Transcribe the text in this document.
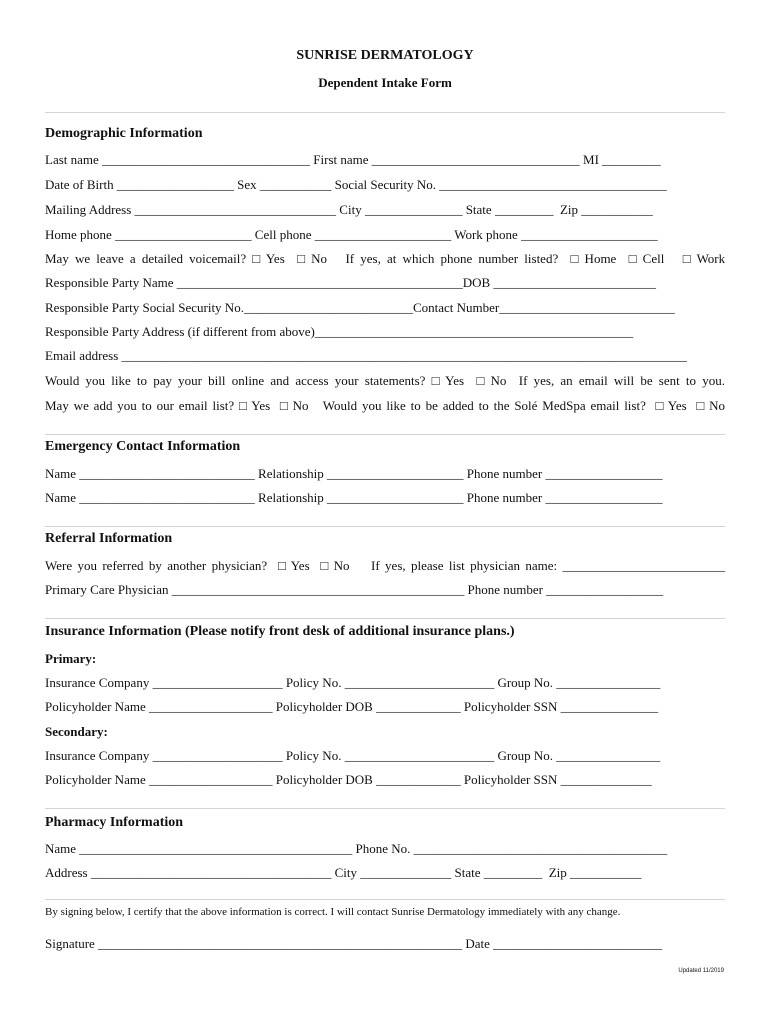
SUNRISE DERMATOLOGY
Dependent Intake Form
Demographic Information
Last name ________________________________ First name ________________________________ MI _________
Date of Birth __________________ Sex ___________ Social Security No. ___________________________________
Mailing Address _______________________________ City _______________ State _________  Zip ___________
Home phone _____________________ Cell phone _____________________ Work phone _____________________
May we leave a detailed voicemail? □ Yes  □ No   If yes, at which phone number listed?  □ Home  □ Cell   □ Work
Responsible Party Name ____________________________________________DOB _________________________
Responsible Party Social Security No.__________________________Contact Number___________________________
Responsible Party Address (if different from above)_________________________________________________
Email address _______________________________________________________________________________________
Would you like to pay your bill online and access your statements? □ Yes  □ No  If yes, an email will be sent to you.
May we add you to our email list? □ Yes  □ No   Would you like to be added to the Solé MedSpa email list?  □ Yes  □ No
Emergency Contact Information
Name ___________________________ Relationship _____________________ Phone number __________________
Name ___________________________ Relationship _____________________ Phone number __________________
Referral Information
Were you referred by another physician?  □ Yes  □ No    If yes, please list physician name: _________________________
Primary Care Physician _____________________________________________ Phone number __________________
Insurance Information (Please notify front desk of additional insurance plans.)
Primary:
Insurance Company ____________________ Policy No. _______________________ Group No. ________________
Policyholder Name ___________________ Policyholder DOB _____________ Policyholder SSN _______________
Secondary:
Insurance Company ____________________ Policy No. _______________________ Group No. ________________
Policyholder Name ___________________ Policyholder DOB _____________ Policyholder SSN ______________
Pharmacy Information
Name __________________________________________ Phone No. _______________________________________
Address _____________________________________ City ______________ State _________  Zip ___________
By signing below, I certify that the above information is correct. I will contact Sunrise Dermatology immediately with any change.
Signature ________________________________________________________ Date __________________________
Updated 11/2019
